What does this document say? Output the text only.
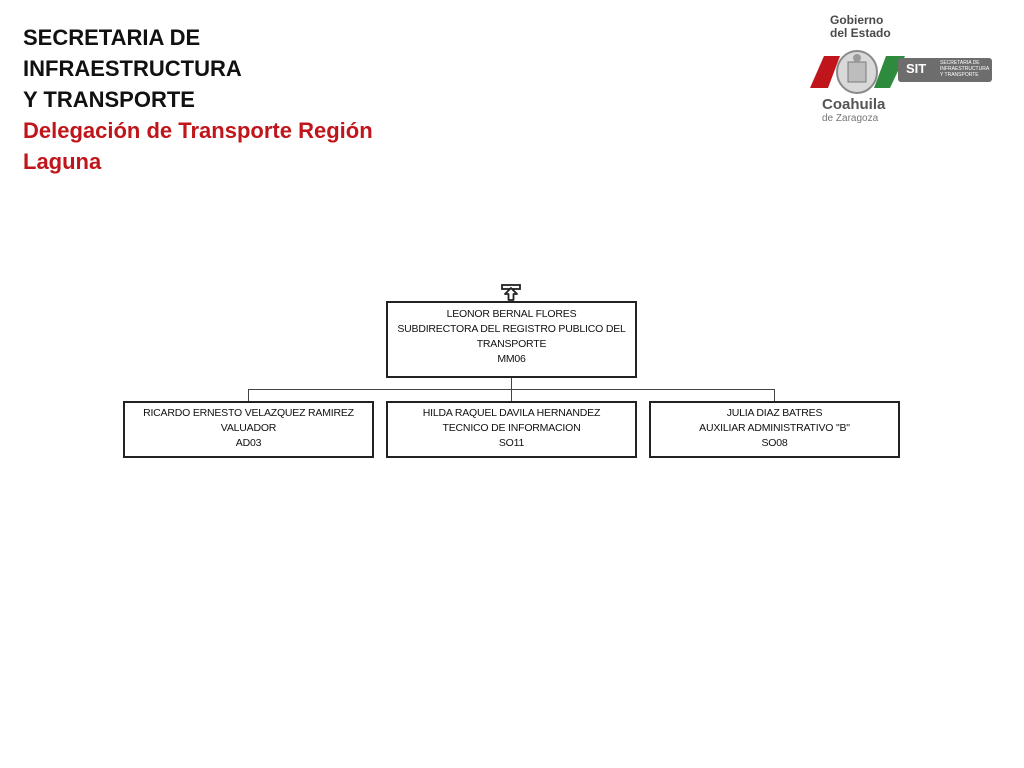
SECRETARIA DE INFRAESTRUCTURA
Y TRANSPORTE
Delegación de Transporte Región
Laguna
Gobierno
del Estado
Coahuila
de Zaragoza
SIT	SECRETARIA DE
INFRAESTRUCTURA
Y TRANSPORTE
LEONOR BERNAL FLORES
SUBDIRECTORA DEL REGISTRO PUBLICO DEL
TRANSPORTE
MM06
RICARDO ERNESTO VELAZQUEZ RAMIREZ
VALUADOR
AD03
HILDA RAQUEL DAVILA HERNANDEZ
TECNICO DE INFORMACION
SO11
JULIA DIAZ BATRES
AUXILIAR ADMINISTRATIVO "B"
SO08
